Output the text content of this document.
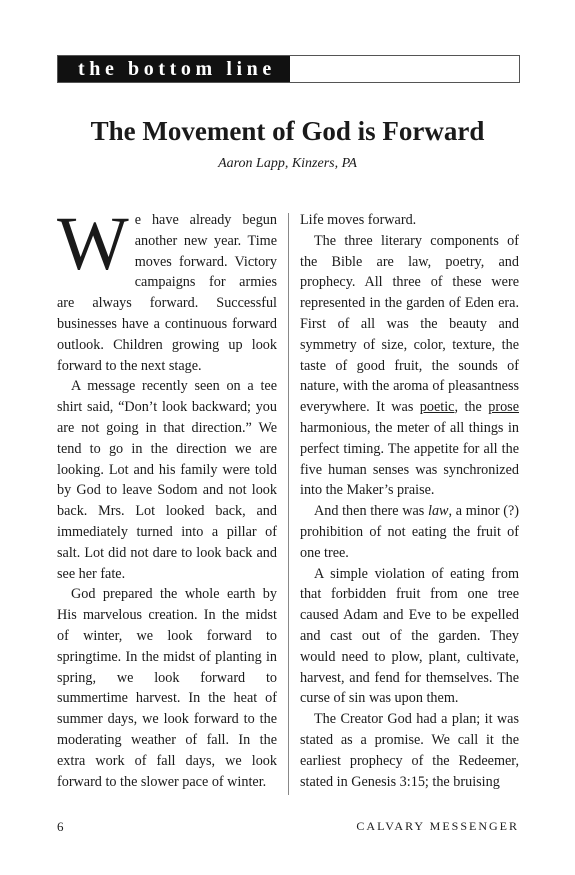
the bottom line
The Movement of God is Forward
Aaron Lapp, Kinzers, PA

We have already begun another new year. Time moves forward. Victory campaigns for armies are always forward. Successful businesses have a continuous forward outlook. Children growing up look forward to the next stage.

A message recently seen on a tee shirt said, “Don’t look backward; you are not going in that direction.” We tend to go in the direction we are looking. Lot and his family were told by God to leave Sodom and not look back. Mrs. Lot looked back, and immediately turned into a pillar of salt. Lot did not dare to look back and see her fate.

God prepared the whole earth by His marvelous creation. In the midst of winter, we look forward to springtime. In the midst of planting in spring, we look forward to summertime harvest. In the heat of summer days, we look forward to the moderating weather of fall. In the extra work of fall days, we look forward to the slower pace of winter.

Life moves forward.

The three literary components of the Bible are law, poetry, and prophecy. All three of these were represented in the garden of Eden era. First of all was the beauty and symmetry of size, color, texture, the taste of good fruit, the sounds of nature, with the aroma of pleasantness everywhere. It was poetic, the prose harmonious, the meter of all things in perfect timing. The appetite for all the five human senses was synchronized into the Maker’s praise.

And then there was law, a minor (?) prohibition of not eating the fruit of one tree.

A simple violation of eating from that forbidden fruit from one tree caused Adam and Eve to be expelled and cast out of the garden. They would need to plow, plant, cultivate, harvest, and fend for themselves. The curse of sin was upon them.

The Creator God had a plan; it was stated as a promise. We call it the earliest prophecy of the Redeemer, stated in Genesis 3:15; the bruising

6	CALVARY MESSENGER
